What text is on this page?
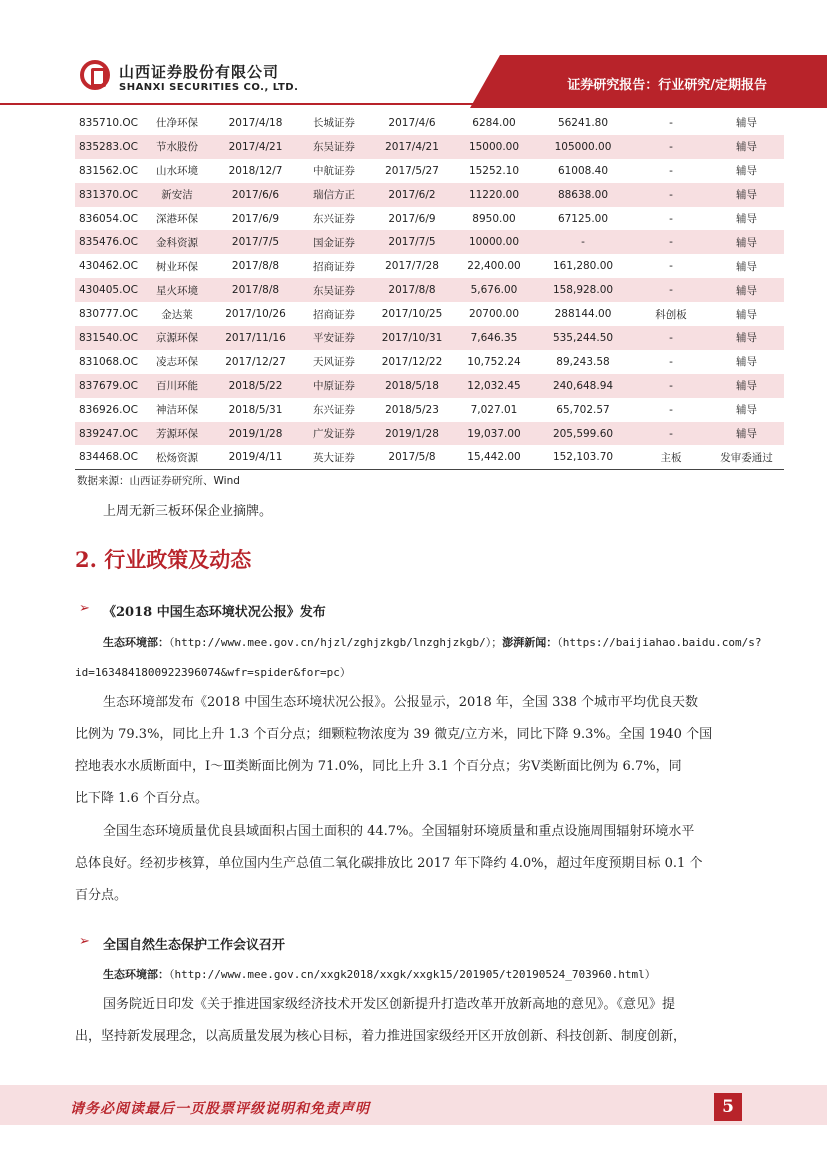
山西证券股份有限公司
SHANXI SECURITIES CO., LTD.	证券研究报告：行业研究/定期报告
835710.OC	仕净环保	2017/4/18	长城证券	2017/4/6	6284.00	56241.80	-	辅导
835283.OC	节水股份	2017/4/21	东吴证券	2017/4/21	15000.00	105000.00	-	辅导
831562.OC	山水环境	2018/12/7	中航证券	2017/5/27	15252.10	61008.40	-	辅导
831370.OC	新安洁	2017/6/6	瑞信方正	2017/6/2	11220.00	88638.00	-	辅导
836054.OC	深港环保	2017/6/9	东兴证券	2017/6/9	8950.00	67125.00	-	辅导
835476.OC	金科资源	2017/7/5	国金证券	2017/7/5	10000.00	-	-	辅导
430462.OC	树业环保	2017/8/8	招商证券	2017/7/28	22,400.00	161,280.00	-	辅导
430405.OC	星火环境	2017/8/8	东吴证券	2017/8/8	5,676.00	158,928.00	-	辅导
830777.OC	金达莱	2017/10/26	招商证券	2017/10/25	20700.00	288144.00	科创板	辅导
831540.OC	京源环保	2017/11/16	平安证券	2017/10/31	7,646.35	535,244.50	-	辅导
831068.OC	凌志环保	2017/12/27	天风证券	2017/12/22	10,752.24	89,243.58	-	辅导
837679.OC	百川环能	2018/5/22	中原证券	2018/5/18	12,032.45	240,648.94	-	辅导
836926.OC	神洁环保	2018/5/31	东兴证券	2018/5/23	7,027.01	65,702.57	-	辅导
839247.OC	芳源环保	2019/1/28	广发证券	2019/1/28	19,037.00	205,599.60	-	辅导
834468.OC	松炀资源	2019/4/11	英大证券	2017/5/8	15,442.00	152,103.70	主板	发审委通过
数据来源：山西证券研究所、Wind
上周无新三板环保企业摘牌。
2. 行业政策及动态
➢ 《2018 中国生态环境状况公报》发布
生态环境部：（http://www.mee.gov.cn/hjzl/zghjzkgb/lnzghjzkgb/）；澎湃新闻：（https://baijiahao.baidu.com/s?
id=1634841800922396074&wfr=spider&for=pc）
生态环境部发布《2018 中国生态环境状况公报》。公报显示，2018 年，全国 338 个城市平均优良天数
比例为 79.3%，同比上升 1.3 个百分点；细颗粒物浓度为 39 微克/立方米，同比下降 9.3%。全国 1940 个国
控地表水水质断面中，Ⅰ～Ⅲ类断面比例为 71.0%，同比上升 3.1 个百分点；劣Ⅴ类断面比例为 6.7%，同
比下降 1.6 个百分点。
全国生态环境质量优良县域面积占国土面积的 44.7%。全国辐射环境质量和重点设施周围辐射环境水平
总体良好。经初步核算，单位国内生产总值二氧化碳排放比 2017 年下降约 4.0%，超过年度预期目标 0.1 个
百分点。
➢ 全国自然生态保护工作会议召开
生态环境部：（http://www.mee.gov.cn/xxgk2018/xxgk/xxgk15/201905/t20190524_703960.html）
国务院近日印发《关于推进国家级经济技术开发区创新提升打造改革开放新高地的意见》。《意见》提
出，坚持新发展理念，以高质量发展为核心目标，着力推进国家级经开区开放创新、科技创新、制度创新，
请务必阅读最后一页股票评级说明和免责声明	5
